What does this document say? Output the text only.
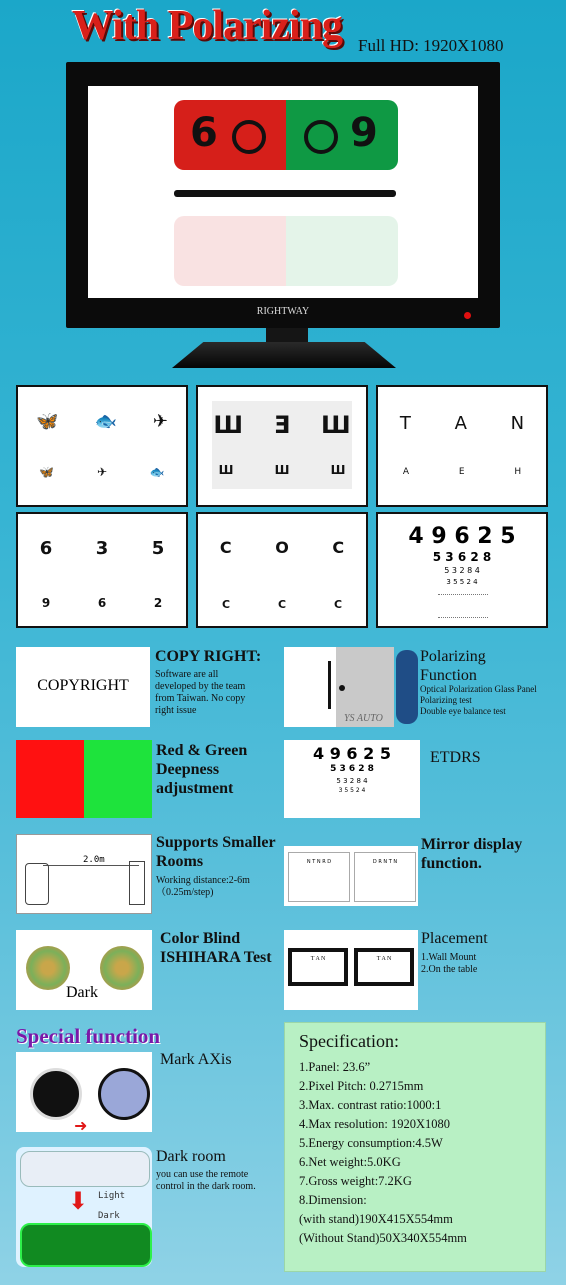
With Polarizing Full HD: 1920X1080
6	9
RIGHTWAY
🦋 🐟 ✈
🦋	✈	🐟
Ш Ǝ Ш
Ш	Ш	Ш
T A N
A	E	H
6 3 5
9	6	2
C	O	C
C	C	C
4 9 6 2 5
5 3 6 2 8
5 3 2 8 4
3 5 5 2 4
COPYRIGHT
COPY RIGHT:
Software are all
developed by the team
from Taiwan. No copy
right issue
YS AUTO
Polarizing
Function
Optical Polarization Glass Panel
Polarizing test
Double eye balance test
Red & Green
Deepness
adjustment
4 9 6 2 5
5 3 6 2 8
5 3 2 8 4
3 5 5 2 4
ETDRS
2.0m
Supports Smaller
Rooms
Working distance:2-6m
（0.25m/step)
N T N R D	D R N T N
Mirror display
function.
Dark
Color Blind
ISHIHARA Test	T A N	T A N
Placement
1.Wall Mount
2.On the table
Special function
➜
Mark AXis
⬇ Light
Dark
Dark room
you can use the remote
control in the dark room.
Specification:
1.Panel: 23.6”
2.Pixel Pitch: 0.2715mm
3.Max. contrast ratio:1000:1
4.Max resolution: 1920X1080
5.Energy consumption:4.5W
6.Net weight:5.0KG
7.Gross weight:7.2KG
8.Dimension:
(with stand)190X415X554mm
(Without Stand)50X340X554mm
